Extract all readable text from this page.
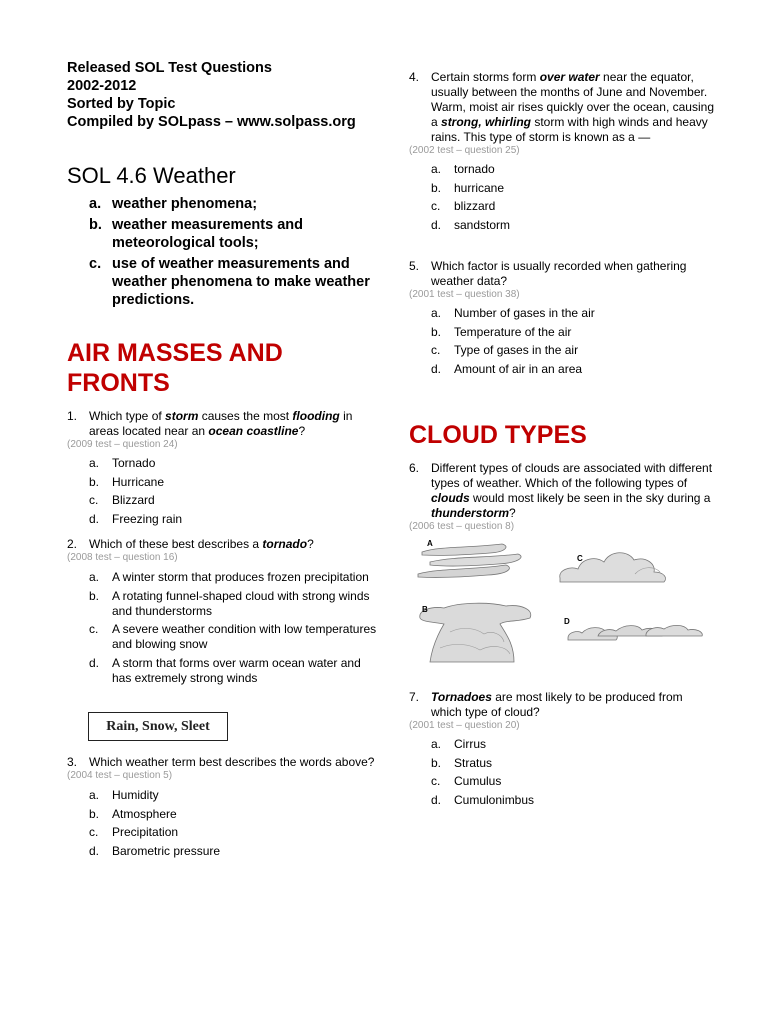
Released SOL Test Questions
2002-2012
Sorted by Topic
Compiled by SOLpass – www.solpass.org
SOL 4.6 Weather
a. weather phenomena;
b. weather measurements and meteorological tools;
c. use of weather measurements and weather phenomena to make weather predictions.
AIR MASSES AND FRONTS
1. Which type of storm causes the most flooding in areas located near an ocean coastline?
(2009 test – question 24)
a.	Tornado
b.	Hurricane
c.	Blizzard
d.	Freezing rain
2. Which of these best describes a tornado?
(2008 test – question 16)
a.	A winter storm that produces frozen precipitation
b.	A rotating funnel-shaped cloud with strong winds and thunderstorms
c.	A severe weather condition with low temperatures and blowing snow
d.	A storm that forms over warm ocean water and has extremely strong winds
Rain, Snow, Sleet
3. Which weather term best describes the words above?
(2004 test – question 5)
a.	Humidity
b.	Atmosphere
c.	Precipitation
d.	Barometric pressure
4. Certain storms form over water near the equator, usually between the months of June and November. Warm, moist air rises quickly over the ocean, causing a strong, whirling storm with high winds and heavy rains. This type of storm is known as a —
(2002 test – question 25)
a.	tornado
b.	hurricane
c.	blizzard
d.	sandstorm
5. Which factor is usually recorded when gathering weather data?
(2001 test – question 38)
a.	Number of gases in the air
b.	Temperature of the air
c.	Type of gases in the air
d.	Amount of air in an area
CLOUD TYPES
6. Different types of clouds are associated with different types of weather. Which of the following types of clouds would most likely be seen in the sky during a thunderstorm?
(2006 test – question 8)
A
C
B
D
7. Tornadoes are most likely to be produced from which type of cloud?
(2001 test – question 20)
a.	Cirrus
b.	Stratus
c.	Cumulus
d.	Cumulonimbus
